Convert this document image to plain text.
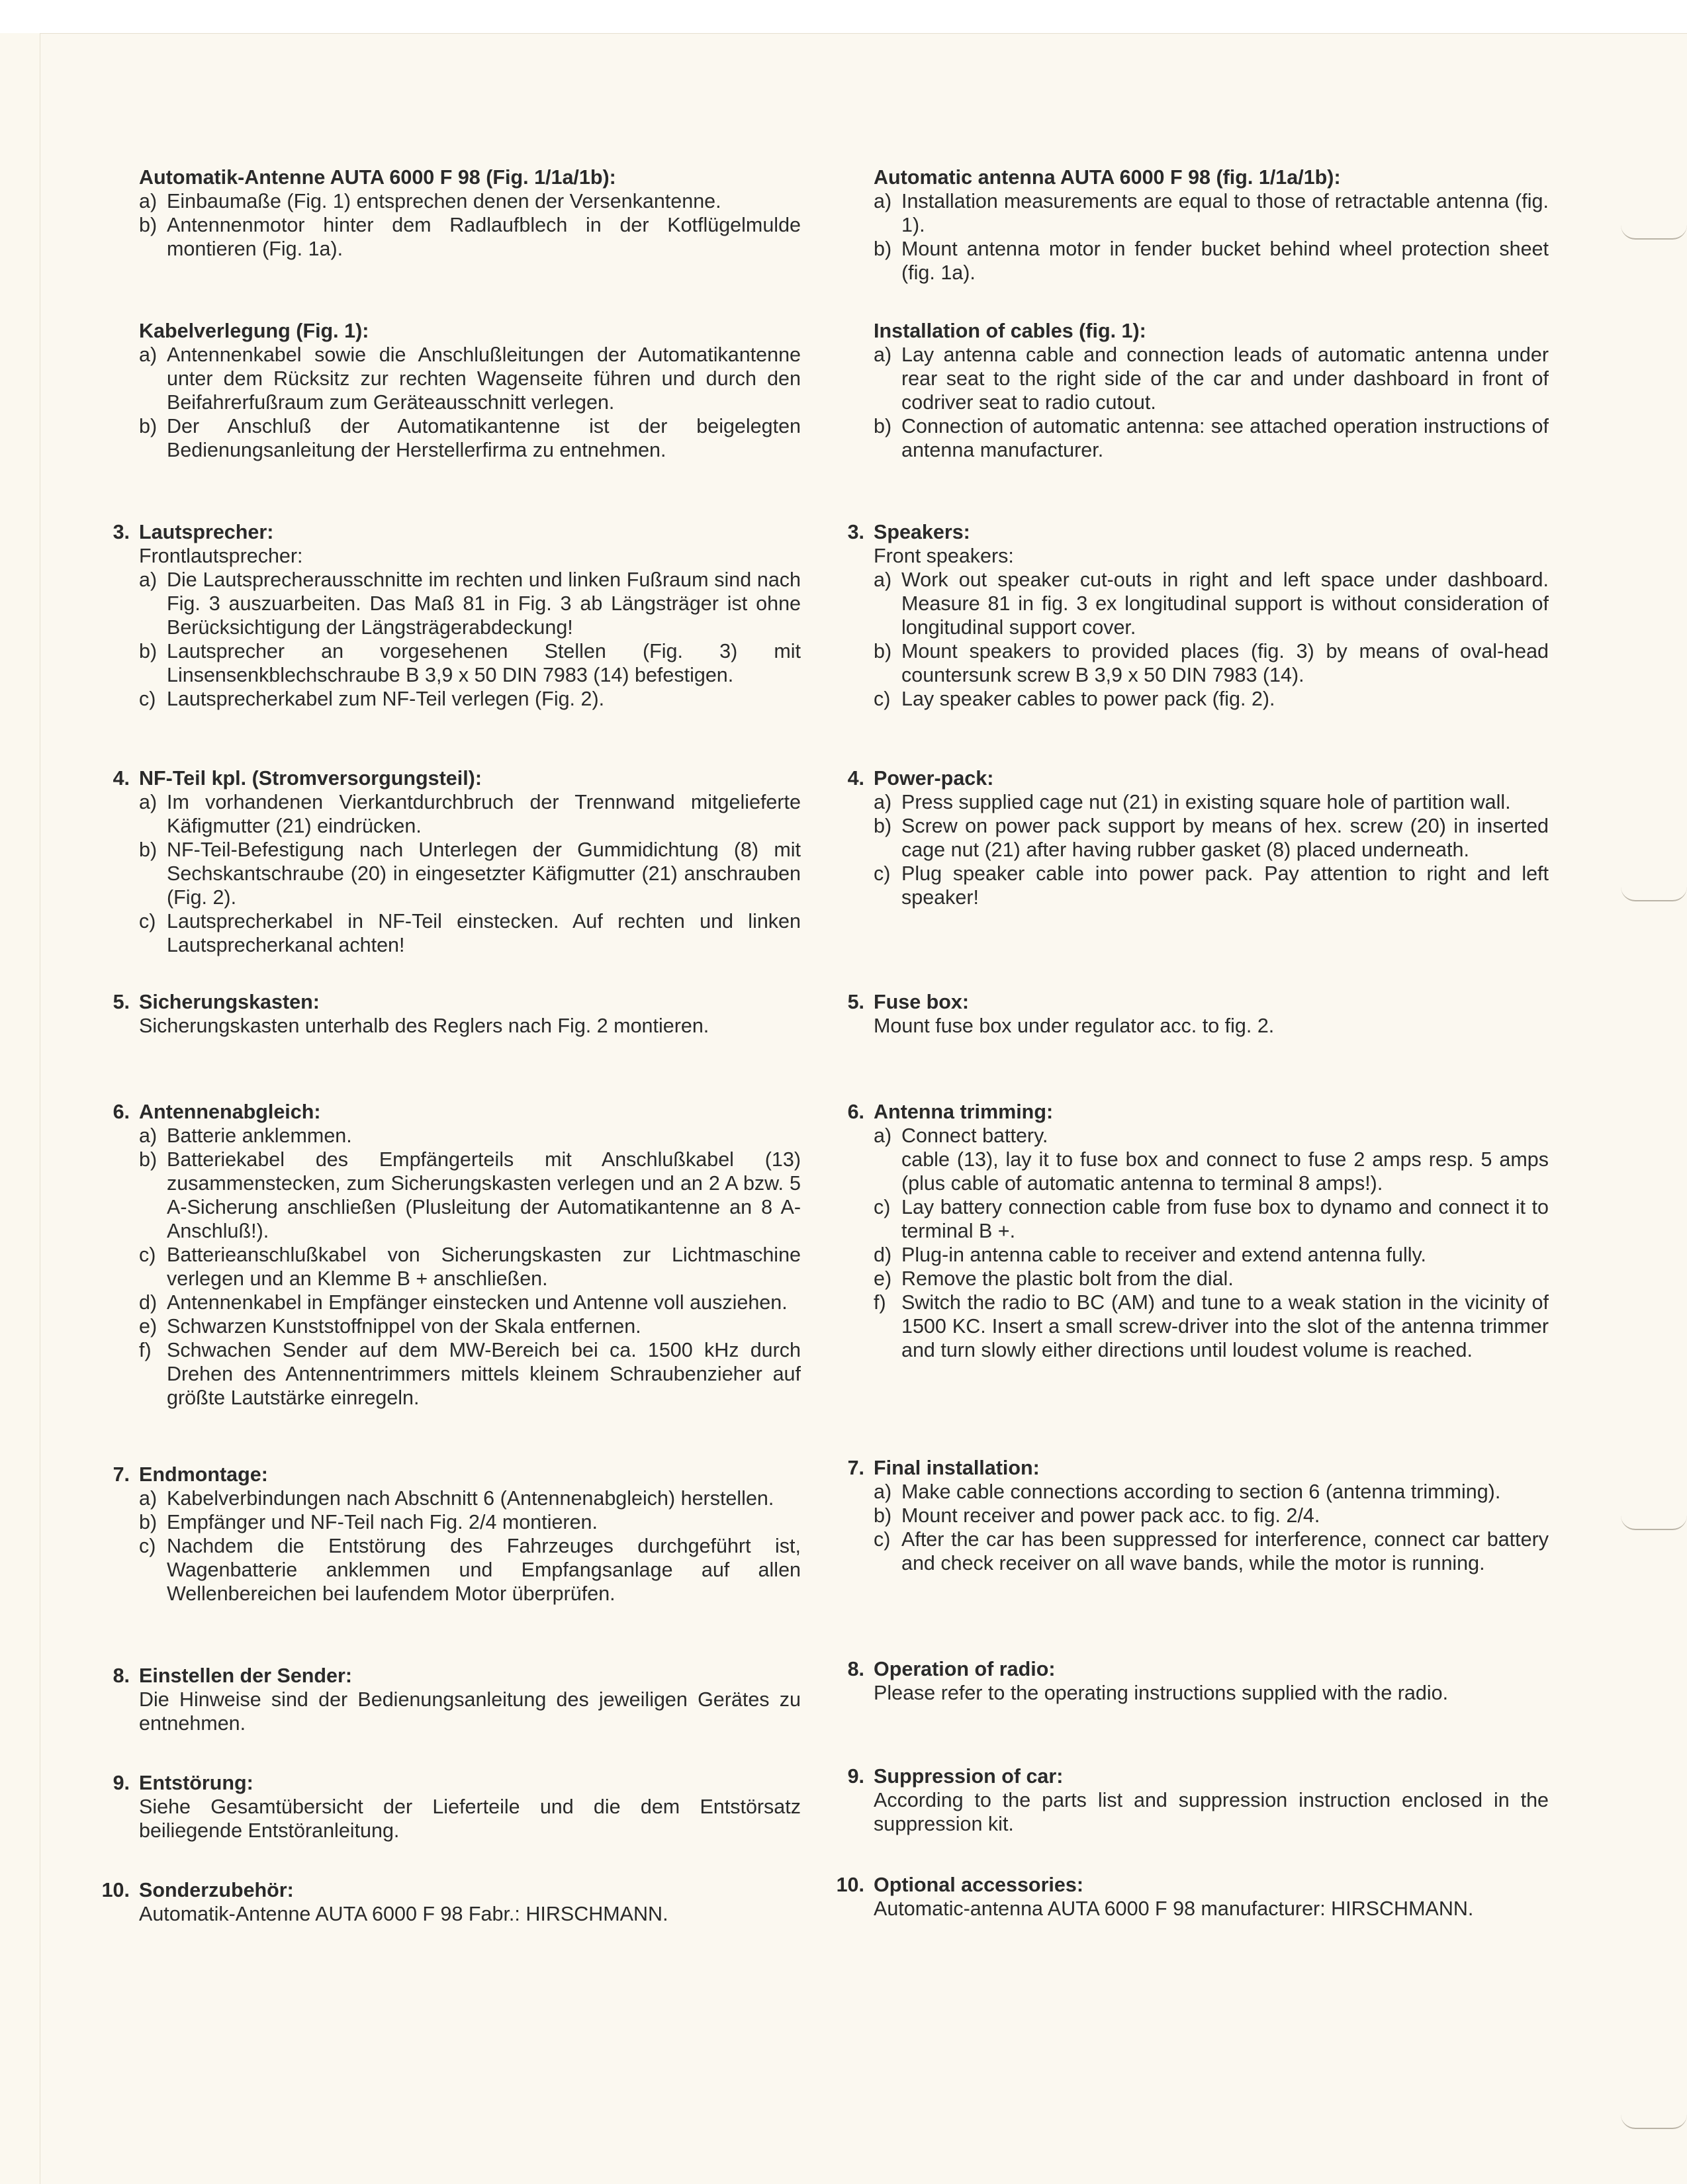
Automatik-Antenne AUTA 6000 F 98 (Fig. 1/1a/1b):
a) Einbaumaße (Fig. 1) entsprechen denen der Versenkantenne.
b) Antennenmotor hinter dem Radlaufblech in der Kotflügelmulde montieren (Fig. 1a).
Kabelverlegung (Fig. 1):
a) Antennenkabel sowie die Anschlußleitungen der Automatikantenne unter dem Rücksitz zur rechten Wagenseite führen und durch den Beifahrerfußraum zum Geräteausschnitt verlegen.
b) Der Anschluß der Automatikantenne ist der beigelegten Bedienungsanleitung der Herstellerfirma zu entnehmen.
3. Lautsprecher:
Frontlautsprecher:
a) Die Lautsprecherausschnitte im rechten und linken Fußraum sind nach Fig. 3 auszuarbeiten. Das Maß 81 in Fig. 3 ab Längsträger ist ohne Berücksichtigung der Längsträgerabdeckung!
b) Lautsprecher an vorgesehenen Stellen (Fig. 3) mit Linsensenkblechschraube B 3,9 x 50 DIN 7983 (14) befestigen.
c) Lautsprecherkabel zum NF-Teil verlegen (Fig. 2).
4. NF-Teil kpl. (Stromversorgungsteil):
a) Im vorhandenen Vierkantdurchbruch der Trennwand mitgelieferte Käfigmutter (21) eindrücken.
b) NF-Teil-Befestigung nach Unterlegen der Gummidichtung (8) mit Sechskantschraube (20) in eingesetzter Käfigmutter (21) anschrauben (Fig. 2).
c) Lautsprecherkabel in NF-Teil einstecken. Auf rechten und linken Lautsprecherkanal achten!
5. Sicherungskasten:
Sicherungskasten unterhalb des Reglers nach Fig. 2 montieren.
6. Antennenabgleich:
a) Batterie anklemmen.
b) Batteriekabel des Empfängerteils mit Anschlußkabel (13) zusammenstecken, zum Sicherungskasten verlegen und an 2 A bzw. 5 A-Sicherung anschließen (Plusleitung der Automatikantenne an 8 A-Anschluß!).
c) Batterieanschlußkabel von Sicherungskasten zur Lichtmaschine verlegen und an Klemme B + anschließen.
d) Antennenkabel in Empfänger einstecken und Antenne voll ausziehen.
e) Schwarzen Kunststoffnippel von der Skala entfernen.
f) Schwachen Sender auf dem MW-Bereich bei ca. 1500 kHz durch Drehen des Antennentrimmers mittels kleinem Schraubenzieher auf größte Lautstärke einregeln.
7. Endmontage:
a) Kabelverbindungen nach Abschnitt 6 (Antennenabgleich) herstellen.
b) Empfänger und NF-Teil nach Fig. 2/4 montieren.
c) Nachdem die Entstörung des Fahrzeuges durchgeführt ist, Wagenbatterie anklemmen und Empfangsanlage auf allen Wellenbereichen bei laufendem Motor überprüfen.
8. Einstellen der Sender:
Die Hinweise sind der Bedienungsanleitung des jeweiligen Gerätes zu entnehmen.
9. Entstörung:
Siehe Gesamtübersicht der Lieferteile und die dem Entstörsatz beiliegende Entstöranleitung.
10. Sonderzubehör:
Automatik-Antenne AUTA 6000 F 98 Fabr.: HIRSCHMANN.
Automatic antenna AUTA 6000 F 98 (fig. 1/1a/1b):
a) Installation measurements are equal to those of retractable antenna (fig. 1).
b) Mount antenna motor in fender bucket behind wheel protection sheet (fig. 1a).
Installation of cables (fig. 1):
a) Lay antenna cable and connection leads of automatic antenna under rear seat to the right side of the car and under dashboard in front of codriver seat to radio cutout.
b) Connection of automatic antenna: see attached operation instructions of antenna manufacturer.
3. Speakers:
Front speakers:
a) Work out speaker cut-outs in right and left space under dashboard. Measure 81 in fig. 3 ex longitudinal support is without consideration of longitudinal support cover.
b) Mount speakers to provided places (fig. 3) by means of oval-head countersunk screw B 3,9 x 50 DIN 7983 (14).
c) Lay speaker cables to power pack (fig. 2).
4. Power-pack:
a) Press supplied cage nut (21) in existing square hole of partition wall.
b) Screw on power pack support by means of hex. screw (20) in inserted cage nut (21) after having rubber gasket (8) placed underneath.
c) Plug speaker cable into power pack. Pay attention to right and left speaker!
5. Fuse box:
Mount fuse box under regulator acc. to fig. 2.
6. Antenna trimming:
a) Connect battery.
cable (13), lay it to fuse box and connect to fuse 2 amps resp. 5 amps (plus cable of automatic antenna to terminal 8 amps!).
c) Lay battery connection cable from fuse box to dynamo and connect it to terminal B +.
d) Plug-in antenna cable to receiver and extend antenna fully.
e) Remove the plastic bolt from the dial.
f) Switch the radio to BC (AM) and tune to a weak station in the vicinity of 1500 KC. Insert a small screw-driver into the slot of the antenna trimmer and turn slowly either directions until loudest volume is reached.
7. Final installation:
a) Make cable connections according to section 6 (antenna trimming).
b) Mount receiver and power pack acc. to fig. 2/4.
c) After the car has been suppressed for interference, connect car battery and check receiver on all wave bands, while the motor is running.
8. Operation of radio:
Please refer to the operating instructions supplied with the radio.
9. Suppression of car:
According to the parts list and suppression instruction enclosed in the suppression kit.
10. Optional accessories:
Automatic-antenna AUTA 6000 F 98 manufacturer: HIRSCHMANN.
